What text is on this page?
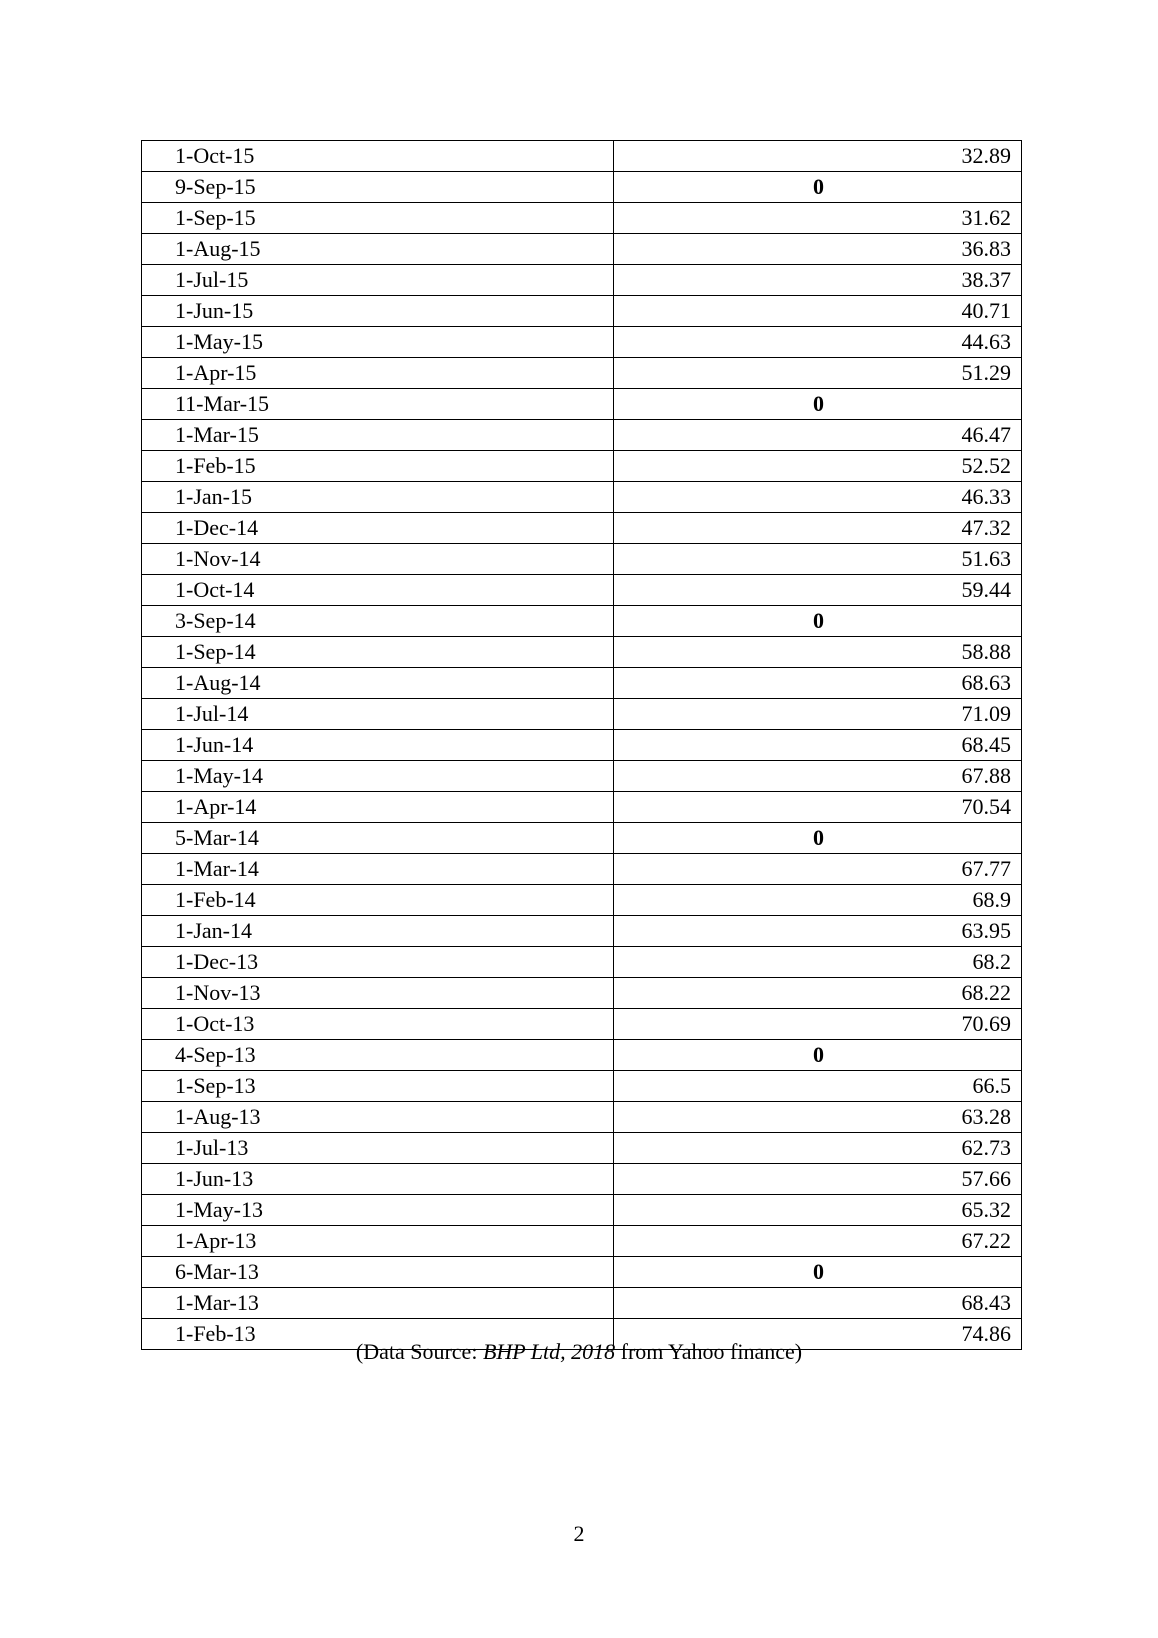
1-Oct-15	32.89
9-Sep-15	0
1-Sep-15	31.62
1-Aug-15	36.83
1-Jul-15	38.37
1-Jun-15	40.71
1-May-15	44.63
1-Apr-15	51.29
11-Mar-15	0
1-Mar-15	46.47
1-Feb-15	52.52
1-Jan-15	46.33
1-Dec-14	47.32
1-Nov-14	51.63
1-Oct-14	59.44
3-Sep-14	0
1-Sep-14	58.88
1-Aug-14	68.63
1-Jul-14	71.09
1-Jun-14	68.45
1-May-14	67.88
1-Apr-14	70.54
5-Mar-14	0
1-Mar-14	67.77
1-Feb-14	68.9
1-Jan-14	63.95
1-Dec-13	68.2
1-Nov-13	68.22
1-Oct-13	70.69
4-Sep-13	0
1-Sep-13	66.5
1-Aug-13	63.28
1-Jul-13	62.73
1-Jun-13	57.66
1-May-13	65.32
1-Apr-13	67.22
6-Mar-13	0
1-Mar-13	68.43
1-Feb-13	74.86
(Data Source: BHP Ltd, 2018 from Yahoo finance)
2
